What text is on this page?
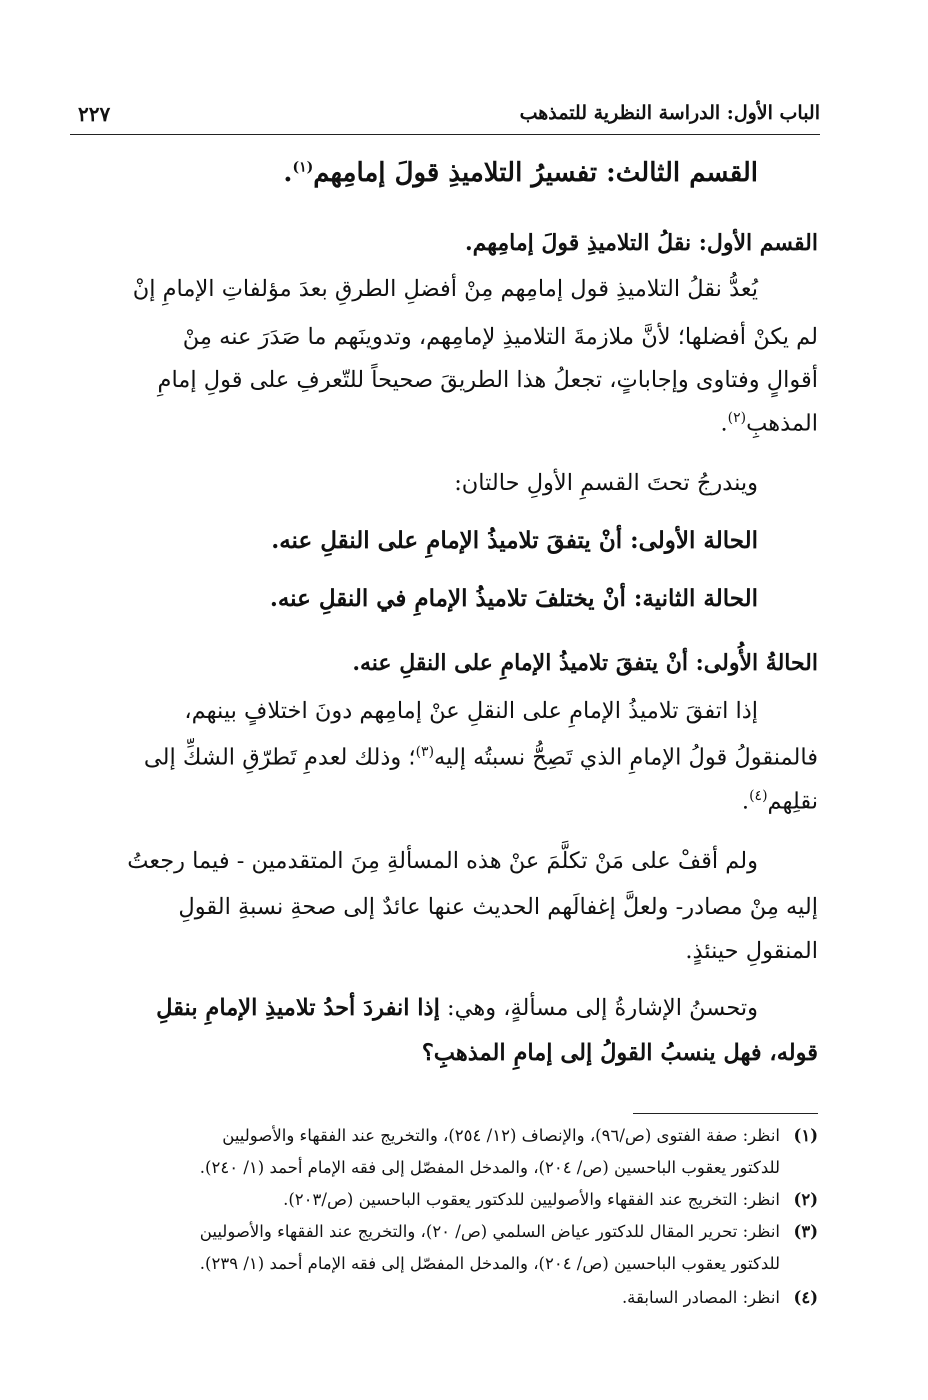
الباب الأول: الدراسة النظرية للتمذهب
٢٢٧
القسم الثالث: تفسيرُ التلاميذِ قولَ إمامِهم$^{(١)}$.
القسم الأول: نقلُ التلاميذِ قولَ إمامِهم.
يُعدُّ نقلُ التلاميذِ قول إمامِهم مِنْ أفضلِ الطرقِ بعدَ مؤلفاتِ الإمامِ إنْ
لم يكنْ أفضلها؛ لأنَّ ملازمةَ التلاميذِ لإمامِهم، وتدوينَهم ما صَدَرَ عنه مِنْ
أقوالٍ وفتاوى وإجاباتٍ، تجعلُ هذا الطريقَ صحيحاً للتّعرفِ على قولِ إمامِ
المذهبِ$^{(٢)}$.
ويندرجُ تحتَ القسمِ الأولِ حالتان:
الحالة الأولى: أنْ يتفقَ تلاميذُ الإمامِ على النقلِ عنه.
الحالة الثانية: أنْ يختلفَ تلاميذُ الإمامِ في النقلِ عنه.
الحالةُ الأُولى: أنْ يتفقَ تلاميذُ الإمامِ على النقلِ عنه.
إذا اتفقَ تلاميذُ الإمامِ على النقلِ عنْ إمامِهم دونَ اختلافٍ بينهم،
فالمنقولُ قولُ الإمامِ الذي تَصِحُّ نسبتُه إليه$^{(٣)}$؛ وذلك لعدمِ تَطرّقِ الشكِّ إلى
نقلِهم$^{(٤)}$.
ولم أقفْ على مَنْ تكلَّمَ عنْ هذه المسألةِ مِنَ المتقدمين - فيما رجعتُ
إليه مِنْ مصادر- ولعلَّ إغفالَهم الحديث عنها عائدٌ إلى صحةِ نسبةِ القولِ
المنقولِ حينئذٍ.
وتحسنُ الإشارةُ إلى مسألةٍ، وهي: إذا انفردَ أحدُ تلاميذِ الإمامِ بنقلِ
قوله، فهل ينسبُ القولُ إلى إمامِ المذهبِ؟
(١)انظر: صفة الفتوى (ص/٩٦)، والإنصاف (١٢/ ٢٥٤)، والتخريج عند الفقهاء والأصوليين
للدكتور يعقوب الباحسين (ص/ ٢٠٤)، والمدخل المفصّل إلى فقه الإمام أحمد (١/ ٢٤٠).
(٢)انظر: التخريج عند الفقهاء والأصوليين للدكتور يعقوب الباحسين (ص/٢٠٣).
(٣)انظر: تحرير المقال للدكتور عياض السلمي (ص/ ٢٠)، والتخريج عند الفقهاء والأصوليين
للدكتور يعقوب الباحسين (ص/ ٢٠٤)، والمدخل المفصّل إلى فقه الإمام أحمد (١/ ٢٣٩).
(٤)انظر: المصادر السابقة.
